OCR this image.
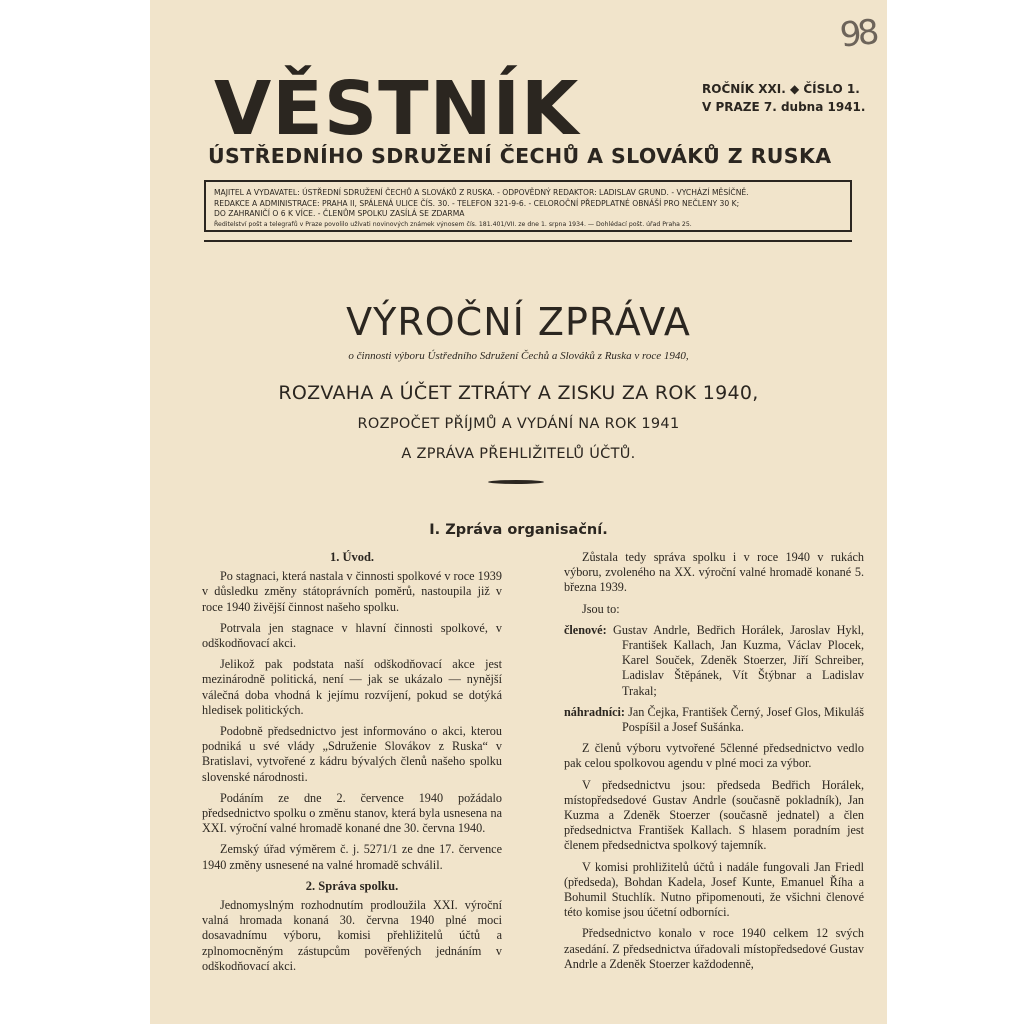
98
VĚSTNÍK	ROČNÍK XXI. ◆ ČÍSLO 1.
V PRAZE 7. dubna 1941.
ÚSTŘEDNÍHO SDRUŽENÍ ČECHŮ A SLOVÁKŮ Z RUSKA
MAJITEL A VYDAVATEL: ÚSTŘEDNÍ SDRUŽENÍ ČECHŮ A SLOVÁKŮ Z RUSKA. - ODPOVĚDNÝ REDAKTOR: LADISLAV GRUND. - VYCHÁZÍ MĚSÍČNĚ.
REDAKCE A ADMINISTRACE: PRAHA II, SPÁLENÁ ULICE ČÍS. 30. - TELEFON 321-9-6. - CELOROČNÍ PŘEDPLATNÉ OBNÁŠÍ PRO NEČLENY 30 K;
DO ZAHRANIČÍ O 6 K VÍCE. - ČLENŮM SPOLKU ZASÍLÁ SE ZDARMA
Ředitelství pošt a telegrafů v Praze povolilo užívati novinových známek výnosem čís. 181.401/VII. ze dne 1. srpna 1934. — Dohlédací pošt. úřad Praha 25.
VÝROČNÍ ZPRÁVA
o činnosti výboru Ústředního Sdružení Čechů a Slováků z Ruska v roce 1940,
ROZVAHA A ÚČET ZTRÁTY A ZISKU ZA ROK 1940,
ROZPOČET PŘÍJMŮ A VYDÁNÍ NA ROK 1941
A ZPRÁVA PŘEHLIŽITELŮ ÚČTŮ.
I. Zpráva organisační.
1. Úvod.

Po stagnaci, která nastala v činnosti spolkové v roce 1939 v důsledku změny státoprávních poměrů, nastoupila již v roce 1940 živější činnost našeho spolku.

Potrvala jen stagnace v hlavní činnosti spolkové, v odškodňovací akci.

Jelikož pak podstata naší odškodňovací akce jest mezinárodně politická, není — jak se ukázalo — nynější válečná doba vhodná k jejímu rozvíjení, pokud se dotýká hledisek politických.

Podobně předsednictvo jest informováno o akci, kterou podniká u své vlády „Sdruženie Slovákov z Ruska“ v Bratislavi, vytvořené z kádru bývalých členů našeho spolku slovenské národnosti.

Podáním ze dne 2. července 1940 požádalo předsednictvo spolku o změnu stanov, která byla usnesena na XXI. výroční valné hromadě konané dne 30. června 1940.

Zemský úřad výměrem č. j. 5271/1 ze dne 17. července 1940 změny usnesené na valné hromadě schválil.

2. Správa spolku.

Jednomyslným rozhodnutím prodloužila XXI. výroční valná hromada konaná 30. června 1940 plné moci dosavadnímu výboru, komisi přehližitelů účtů a zplnomocněným zástupcům pověřených jednáním v odškodňovací akci.

Zůstala tedy správa spolku i v roce 1940 v rukách výboru, zvoleného na XX. výroční valné hromadě konané 5. března 1939.

Jsou to:

členové: Gustav Andrle, Bedřich Horálek, Jaroslav Hykl, František Kallach, Jan Kuzma, Václav Plocek, Karel Souček, Zdeněk Stoerzer, Jiří Schreiber, Ladislav Štěpánek, Vít Štýbnar a Ladislav Trakal;

náhradníci: Jan Čejka, František Černý, Josef Glos, Mikuláš Pospíšil a Josef Sušánka.

Z členů výboru vytvořené 5členné předsednictvo vedlo pak celou spolkovou agendu v plné moci za výbor.

V předsednictvu jsou: předseda Bedřich Horálek, místopředsedové Gustav Andrle (současně pokladník), Jan Kuzma a Zdeněk Stoerzer (současně jednatel) a člen předsednictva František Kallach. S hlasem poradním jest členem předsednictva spolkový tajemník.

V komisi prohližitelů účtů i nadále fungovali Jan Friedl (předseda), Bohdan Kadela, Josef Kunte, Emanuel Říha a Bohumil Stuchlík. Nutno připomenouti, že všichni členové této komise jsou účetní odborníci.

Předsednictvo konalo v roce 1940 celkem 12 svých zasedání. Z předsednictva úřadovali místopředsedové Gustav Andrle a Zdeněk Stoerzer každodenně,
